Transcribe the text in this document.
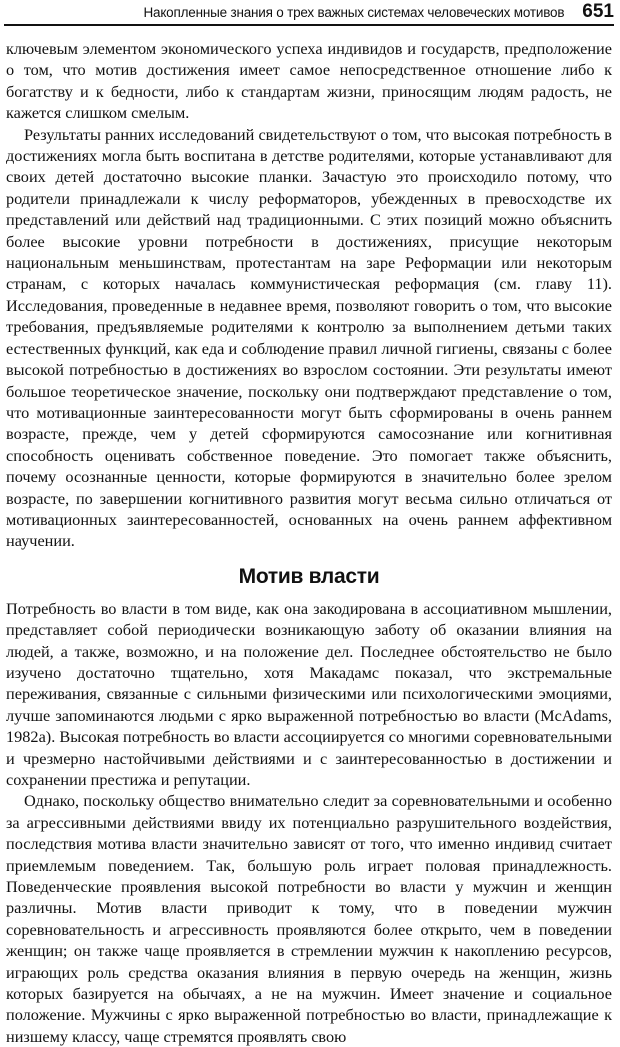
Накопленные знания о трех важных системах человеческих мотивов 651

ключевым элементом экономического успеха индивидов и государств, предположение о том, что мотив достижения имеет самое непосредственное отношение либо к богатству и к бедности, либо к стандартам жизни, приносящим людям радость, не кажется слишком смелым.

Результаты ранних исследований свидетельствуют о том, что высокая потребность в достижениях могла быть воспитана в детстве родителями, которые устанавливают для своих детей достаточно высокие планки. Зачастую это происходило потому, что родители принадлежали к числу реформаторов, убежденных в превосходстве их представлений или действий над традиционными. С этих позиций можно объяснить более высокие уровни потребности в достижениях, присущие некоторым национальным меньшинствам, протестантам на заре Реформации или некоторым странам, с которых началась коммунистическая реформация (см. главу 11). Исследования, проведенные в недавнее время, позволяют говорить о том, что высокие требования, предъявляемые родителями к контролю за выполнением детьми таких естественных функций, как еда и соблюдение правил личной гигиены, связаны с более высокой потребностью в достижениях во взрослом состоянии. Эти результаты имеют большое теоретическое значение, поскольку они подтверждают представление о том, что мотивационные заинтересованности могут быть сформированы в очень раннем возрасте, прежде, чем у детей сформируются самосознание или когнитивная способность оценивать собственное поведение. Это помогает также объяснить, почему осознанные ценности, которые формируются в значительно более зрелом возрасте, по завершении когнитивного развития могут весьма сильно отличаться от мотивационных заинтересованностей, основанных на очень раннем аффективном научении.

Мотив власти

Потребность во власти в том виде, как она закодирована в ассоциативном мышлении, представляет собой периодически возникающую заботу об оказании влияния на людей, а также, возможно, и на положение дел. Последнее обстоятельство не было изучено достаточно тщательно, хотя Макадамс показал, что экстремальные переживания, связанные с сильными физическими или психологическими эмоциями, лучше запоминаются людьми с ярко выраженной потребностью во власти (McAdams, 1982a). Высокая потребность во власти ассоциируется со многими соревновательными и чрезмерно настойчивыми действиями и с заинтересованностью в достижении и сохранении престижа и репутации.

Однако, поскольку общество внимательно следит за соревновательными и особенно за агрессивными действиями ввиду их потенциально разрушительного воздействия, последствия мотива власти значительно зависят от того, что именно индивид считает приемлемым поведением. Так, большую роль играет половая принадлежность. Поведенческие проявления высокой потребности во власти у мужчин и женщин различны. Мотив власти приводит к тому, что в поведении мужчин соревновательность и агрессивность проявляются более открыто, чем в поведении женщин; он также чаще проявляется в стремлении мужчин к накоплению ресурсов, играющих роль средства оказания влияния в первую очередь на женщин, жизнь которых базируется на обычаях, а не на мужчин. Имеет значение и социальное положение. Мужчины с ярко выраженной потребностью во власти, принадлежащие к низшему классу, чаще стремятся проявлять свою
